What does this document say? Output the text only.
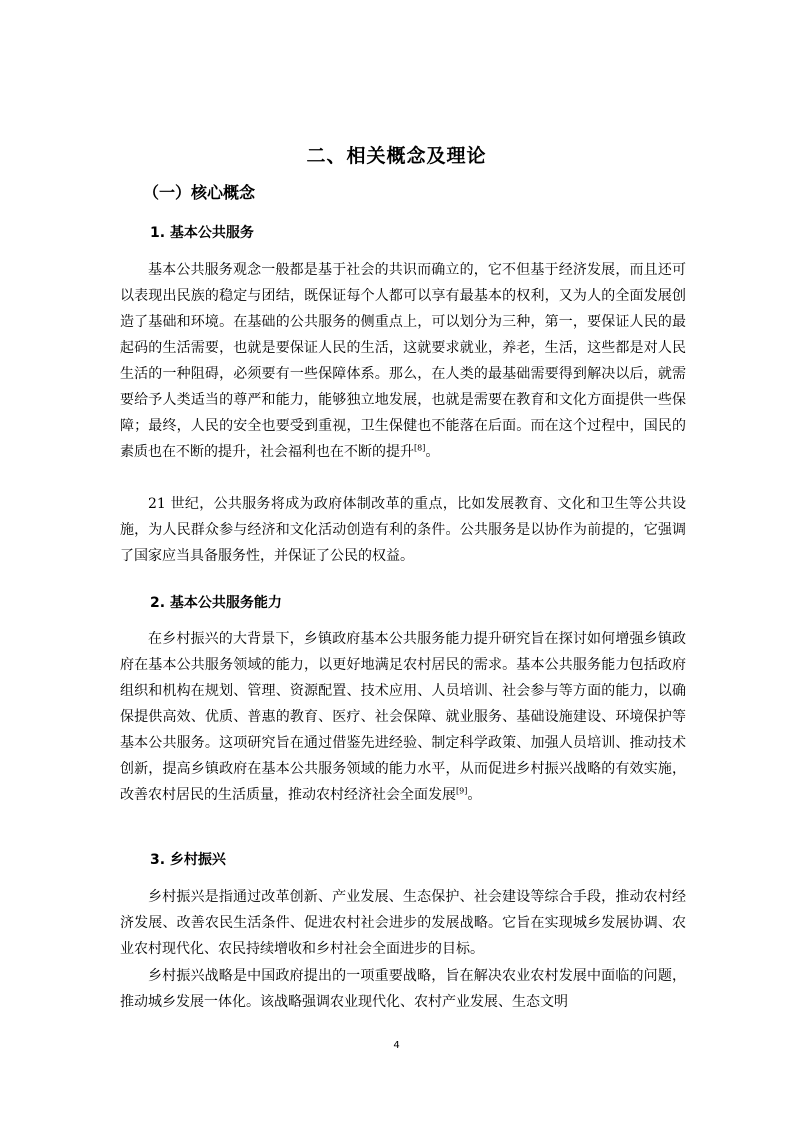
二、相关概念及理论
（一）核心概念
1. 基本公共服务

基本公共服务观念一般都是基于社会的共识而确立的，它不但基于经济发展，而且还可以表现出民族的稳定与团结，既保证每个人都可以享有最基本的权利，又为人的全面发展创造了基础和环境。在基础的公共服务的侧重点上，可以划分为三种，第一，要保证人民的最起码的生活需要，也就是要保证人民的生活，这就要求就业，养老，生活，这些都是对人民生活的一种阻碍，必须要有一些保障体系。那么，在人类的最基础需要得到解决以后，就需要给予人类适当的尊严和能力，能够独立地发展，也就是需要在教育和文化方面提供一些保障；最终，人民的安全也要受到重视，卫生保健也不能落在后面。而在这个过程中，国民的素质也在不断的提升，社会福利也在不断的提升[8]。

21 世纪，公共服务将成为政府体制改革的重点，比如发展教育、文化和卫生等公共设施，为人民群众参与经济和文化活动创造有利的条件。公共服务是以协作为前提的，它强调了国家应当具备服务性，并保证了公民的权益。

2. 基本公共服务能力

在乡村振兴的大背景下，乡镇政府基本公共服务能力提升研究旨在探讨如何增强乡镇政府在基本公共服务领域的能力，以更好地满足农村居民的需求。基本公共服务能力包括政府组织和机构在规划、管理、资源配置、技术应用、人员培训、社会参与等方面的能力，以确保提供高效、优质、普惠的教育、医疗、社会保障、就业服务、基础设施建设、环境保护等基本公共服务。这项研究旨在通过借鉴先进经验、制定科学政策、加强人员培训、推动技术创新，提高乡镇政府在基本公共服务领域的能力水平，从而促进乡村振兴战略的有效实施，改善农村居民的生活质量，推动农村经济社会全面发展[9]。

3. 乡村振兴

乡村振兴是指通过改革创新、产业发展、生态保护、社会建设等综合手段，推动农村经济发展、改善农民生活条件、促进农村社会进步的发展战略。它旨在实现城乡发展协调、农业农村现代化、农民持续增收和乡村社会全面进步的目标。

乡村振兴战略是中国政府提出的一项重要战略，旨在解决农业农村发展中面临的问题，推动城乡发展一体化。该战略强调农业现代化、农村产业发展、生态文明

4
